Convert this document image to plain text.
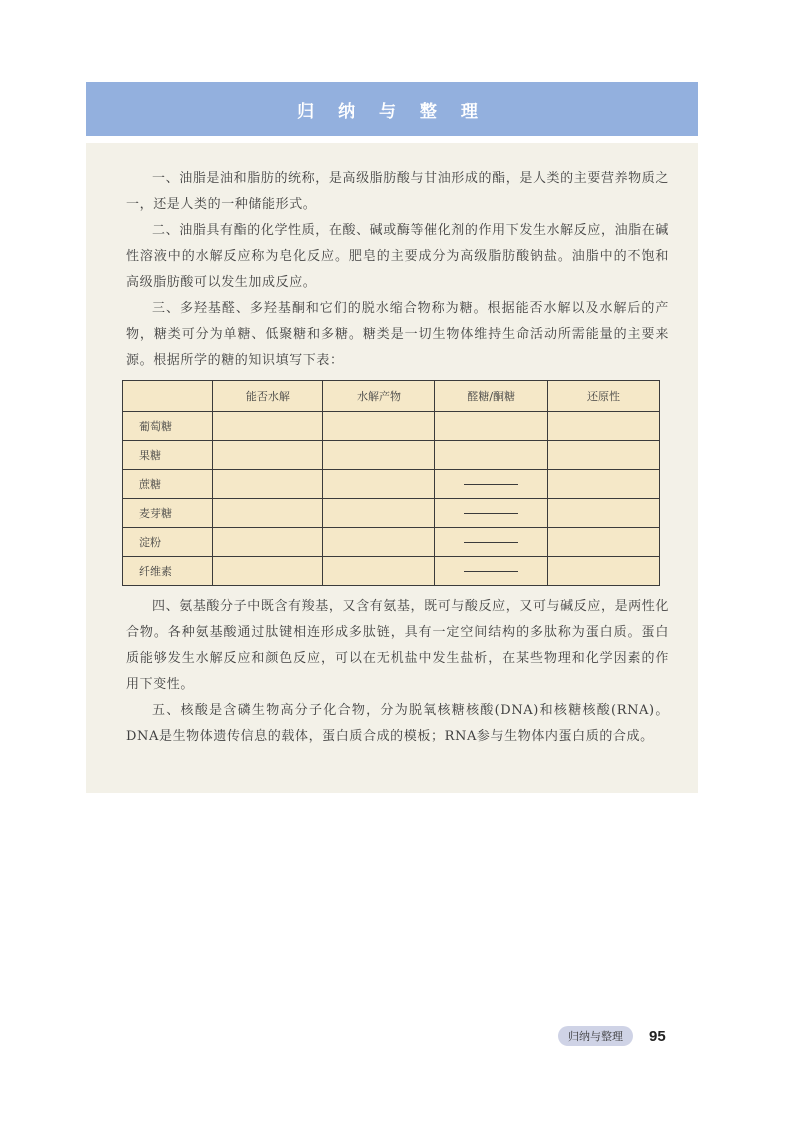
归 纳 与 整 理

一、油脂是油和脂肪的统称，是高级脂肪酸与甘油形成的酯，是人类的主要营养物质之一，还是人类的一种储能形式。

二、油脂具有酯的化学性质，在酸、碱或酶等催化剂的作用下发生水解反应，油脂在碱性溶液中的水解反应称为皂化反应。肥皂的主要成分为高级脂肪酸钠盐。油脂中的不饱和高级脂肪酸可以发生加成反应。

三、多羟基醛、多羟基酮和它们的脱水缩合物称为糖。根据能否水解以及水解后的产物，糖类可分为单糖、低聚糖和多糖。糖类是一切生物体维持生命活动所需能量的主要来源。根据所学的糖的知识填写下表：

	能否水解	水解产物	醛糖/酮糖	还原性
葡萄糖				
果糖				
蔗糖				
麦芽糖				
淀粉				
纤维素				

四、氨基酸分子中既含有羧基，又含有氨基，既可与酸反应，又可与碱反应，是两性化合物。各种氨基酸通过肽键相连形成多肽链，具有一定空间结构的多肽称为蛋白质。蛋白质能够发生水解反应和颜色反应，可以在无机盐中发生盐析，在某些物理和化学因素的作用下变性。

五、核酸是含磷生物高分子化合物，分为脱氧核糖核酸(DNA)和核糖核酸(RNA)。DNA是生物体遗传信息的载体，蛋白质合成的模板；RNA参与生物体内蛋白质的合成。

归纳与整理	95
